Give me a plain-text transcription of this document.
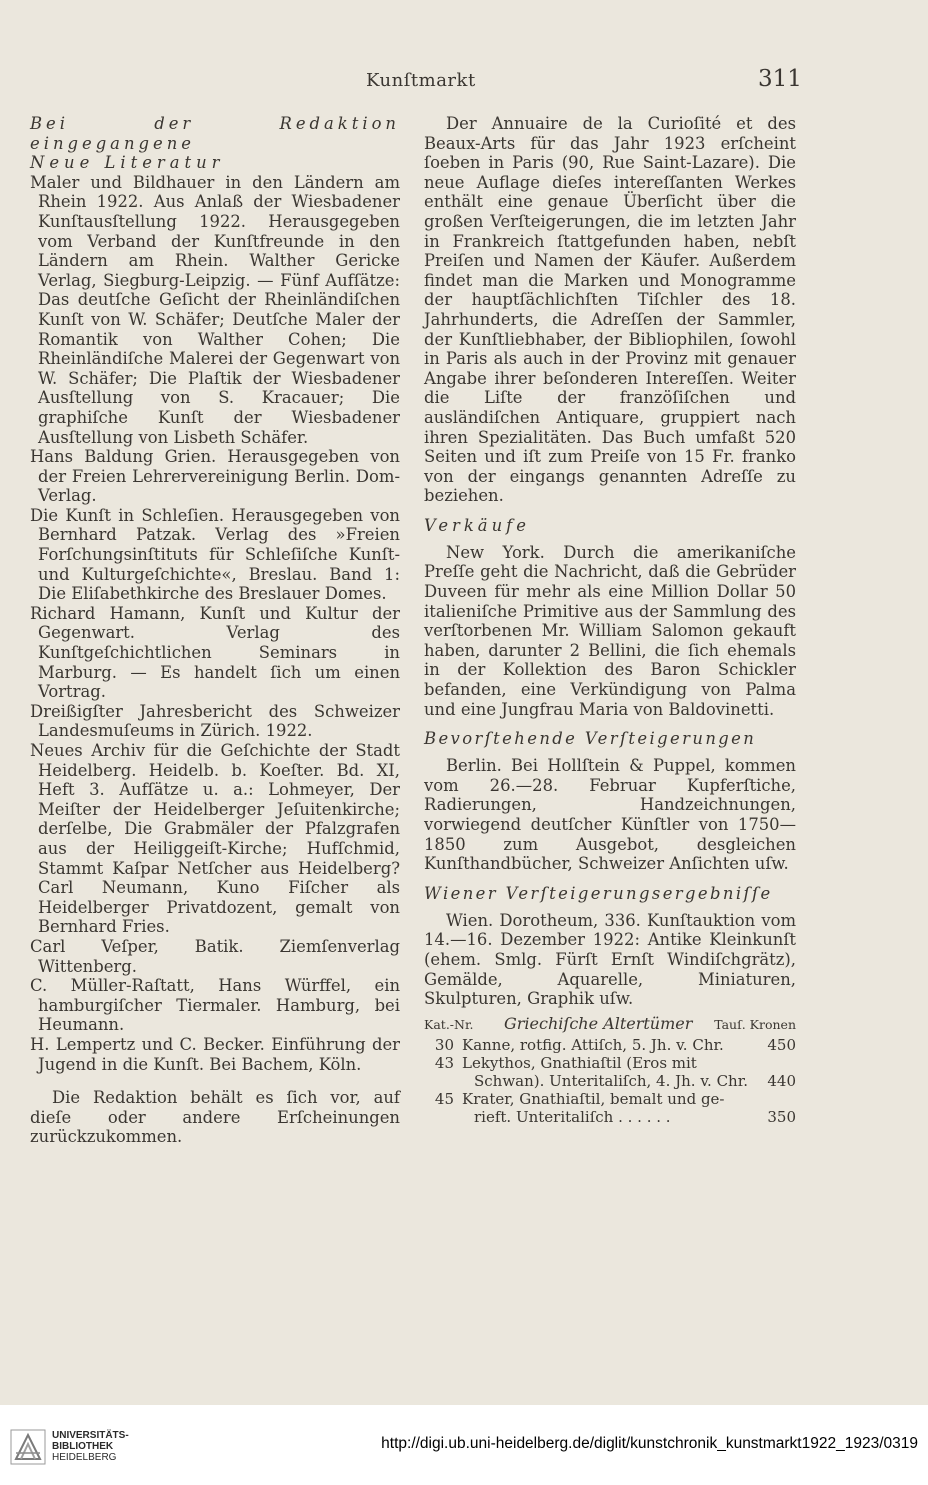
Kunſtmarkt	311

Bei der Redaktion eingegangene

Neue Literatur

Maler und Bildhauer in den Ländern am Rhein 1922. Aus Anlaß der Wiesbadener Kunſtausſtellung 1922. Herausgegeben vom Verband der Kunſtfreunde in den Ländern am Rhein. Walther Gericke Verlag, Siegburg-Leipzig. — Fünf Aufſätze: Das deutſche Geſicht der Rheinländiſchen Kunſt von W. Schäfer; Deutſche Maler der Romantik von Walther Cohen; Die Rheinländiſche Malerei der Gegenwart von W. Schäfer; Die Plaſtik der Wiesbadener Ausſtellung von S. Kracauer; Die graphiſche Kunſt der Wiesbadener Ausſtellung von Lisbeth Schäfer.

Hans Baldung Grien. Herausgegeben von der Freien Lehrervereinigung Berlin. Dom-Verlag.

Die Kunſt in Schleſien. Herausgegeben von Bernhard Patzak. Verlag des »Freien Forſchungsinſtituts für Schleſiſche Kunſt- und Kulturgeſchichte«, Breslau. Band 1: Die Eliſabethkirche des Breslauer Domes.

Richard Hamann, Kunſt und Kultur der Gegenwart. Verlag des Kunſtgeſchichtlichen Seminars in Marburg. — Es handelt ſich um einen Vortrag.

Dreißigſter Jahresbericht des Schweizer Landesmuſeums in Zürich. 1922.

Neues Archiv für die Geſchichte der Stadt Heidelberg. Heidelb. b. Koeſter. Bd. XI, Heft 3. Aufſätze u. a.: Lohmeyer, Der Meiſter der Heidelberger Jeſuitenkirche; derſelbe, Die Grabmäler der Pfalzgrafen aus der Heiliggeiſt-Kirche; Hufſchmid, Stammt Kaſpar Netſcher aus Heidelberg? Carl Neumann, Kuno Fiſcher als Heidelberger Privatdozent, gemalt von Bernhard Fries.

Carl Veſper, Batik. Ziemſenverlag Wittenberg.

C. Müller-Raſtatt, Hans Würffel, ein hamburgiſcher Tiermaler. Hamburg, bei Heumann.

H. Lempertz und C. Becker. Einführung der Jugend in die Kunſt. Bei Bachem, Köln.

Die Redaktion behält es ſich vor, auf dieſe oder andere Erſcheinungen zurückzukommen.

Der Annuaire de la Curioſité et des Beaux-Arts für das Jahr 1923 erſcheint ſoeben in Paris (90, Rue Saint-Lazare). Die neue Auflage dieſes intereſſanten Werkes enthält eine genaue Überſicht über die großen Verſteigerungen, die im letzten Jahr in Frankreich ſtattgefunden haben, nebſt Preiſen und Namen der Käufer. Außerdem findet man die Marken und Monogramme der hauptſächlichſten Tiſchler des 18. Jahrhunderts, die Adreſſen der Sammler, der Kunſtliebhaber, der Bibliophilen, ſowohl in Paris als auch in der Provinz mit genauer Angabe ihrer beſonderen Intereſſen. Weiter die Liſte der franzöſiſchen und ausländiſchen Antiquare, gruppiert nach ihren Spezialitäten. Das Buch umfaßt 520 Seiten und iſt zum Preiſe von 15 Fr. franko von der eingangs genannten Adreſſe zu beziehen.

Verkäufe

New York. Durch die amerikaniſche Preſſe geht die Nachricht, daß die Gebrüder Duveen für mehr als eine Million Dollar 50 italieniſche Primitive aus der Sammlung des verſtorbenen Mr. William Salomon gekauft haben, darunter 2 Bellini, die ſich ehemals in der Kollektion des Baron Schickler befanden, eine Verkündigung von Palma und eine Jungfrau Maria von Baldovinetti.

Bevorſtehende Verſteigerungen

Berlin. Bei Hollſtein & Puppel, kommen vom 26.—28. Februar Kupferſtiche, Radierungen, Handzeichnungen, vorwiegend deutſcher Künſtler von 1750—1850 zum Ausgebot, desgleichen Kunſthandbücher, Schweizer Anſichten uſw.

Wiener Verſteigerungsergebniſſe

Wien. Dorotheum, 336. Kunſtauktion vom 14.—16. Dezember 1922: Antike Kleinkunſt (ehem. Smlg. Fürſt Ernſt Windiſchgrätz), Gemälde, Aquarelle, Miniaturen, Skulpturen, Graphik uſw.

Kat.-Nr.	Griechiſche Altertümer	Tauſ. Kronen
30 Kanne, rotfig. Attiſch, 5. Jh. v. Chr.	450
43 Lekythos, Gnathiaſtil (Eros mit
Schwan). Unteritaliſch, 4. Jh. v. Chr.	440
45 Krater, Gnathiaſtil, bemalt und ge-
rieft. Unteritaliſch . . . . . .	350
UNIVERSITÄTS-
BIBLIOTHEK
HEIDELBERG
http://digi.ub.uni-heidelberg.de/diglit/kunstchronik_kunstmarkt1922_1923/0319
